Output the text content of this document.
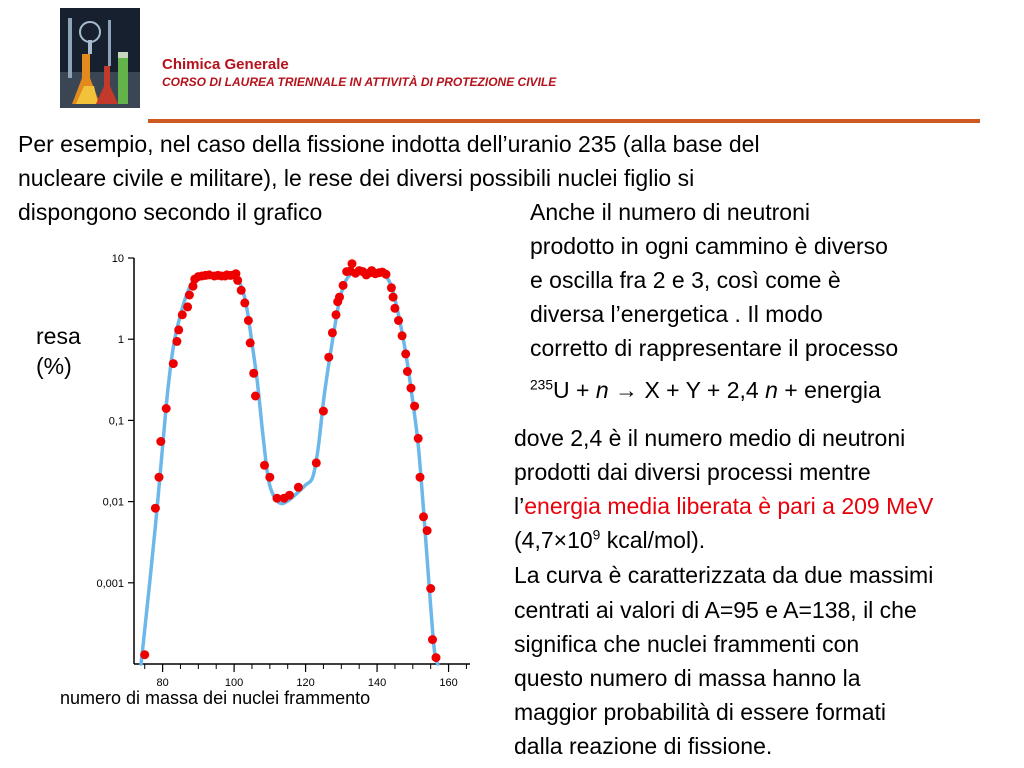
Chimica Generale
CORSO DI LAUREA TRIENNALE IN ATTIVITÀ DI PROTEZIONE CIVILE
Per esempio, nel caso della fissione indotta dell’uranio 235 (alla base del
nucleare civile e militare), le rese dei diversi possibili nuclei figlio si
dispongono secondo il grafico	Anche il numero di neutroni
prodotto in ogni cammino è diverso
e oscilla fra 2 e 3, così come è
diversa l’energetica . Il modo
corretto di rappresentare il processo
$^{235}$U + n → X + Y + 2,4 n + energia
dove 2,4 è il numero medio di neutroni
prodotti dai diversi processi mentre
l’energia media liberata è pari a 209 MeV
($4,7\times 10^9$ kcal/mol).
La curva è caratterizzata da due massimi
centrati ai valori di A=95 e A=138, il che
significa che nuclei frammenti con
questo numero di massa hanno la
maggior probabilità di essere formati
dalla reazione di fissione.
resa
(%)
numero di massa dei nuclei frammento
80	100	120	140	160
10
1
0,1
0,01
0,001
